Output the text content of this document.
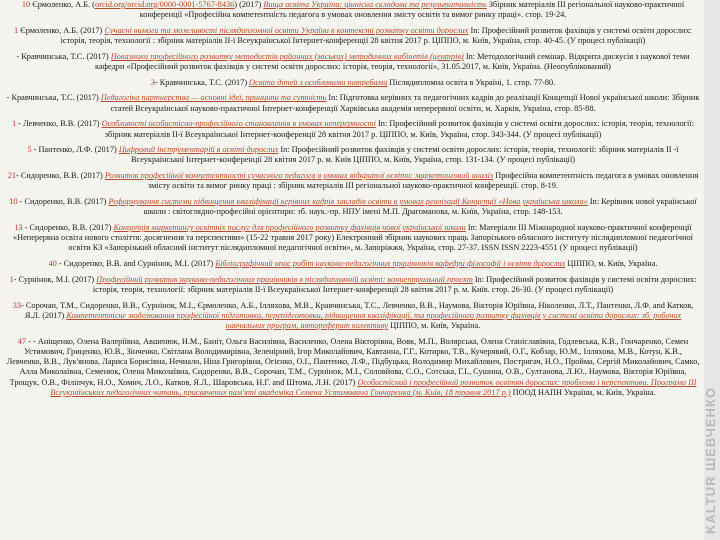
10 Єрмоленко, А.Б. (orcid.org/orcid.org/0000-0001-5767-8436) (2017) Вища освіта України: ціннісна складова та результативність Збірник матеріалів III регіональної науково-практичної конференції «Професійна компетентність педагога в умовах оновлення змісту освіти та вимог ринку праці». стор. 19-24.
1 Єрмоленко, А.Б. (2017) Сучасні вимоги та можливості післядипломної освіти України в контексті розвитку освіти дорослих In: Професійний розвиток фахівців у системі освіти дорослих: історія, теорія, технології : збірник матеріалів ІІ-ї Всеукраїнської Інтернет-конференції 28 квітня 2017 р. ЦІППО, м. Київ, Україна, стор. 40-45. (У процесі публікації)
- Кравчинська, Т.С. (2017) Показники професійного розвитку методистів районних (міських) методичних кабінетів (центрів) In: Методологічний семінар. Відкрита дискусія з наукової теми кафедри «Професійний розвиток фахівців у системі освіти дорослих: історія, теорія, технології», 31.05.2017, м. Київ, Україна. (Неопублікований)
3- Кравчинська, Т.С. (2017) Освіта дітей з особливими потребами Післядипломна освіта в Україні, 1. стор. 77-80.
- Кравчинська, Т.С. (2017) Педагогіка партнерства — основні ідеї, принципи та сутність In: Підготовка керівних та педагогічних кадрів до реалізації Концепції Нової української школи: Збірник статей Всеукраїнської науково-практичної Інтернет-конференції Харківська академія неперервної освіти, м. Харків, Україна, стор. 85-88.
1 - Левченко, В.В. (2017) Особливості особистісно-професійного становлення в умовах неперервності In: Професійний розвиток фахівців у системі освіти дорослих: історія, теорія, технології: збірник матеріалів ІІ-ї Всеукраїнської Інтернет-конференції 28 квітня 2017 р. ЦІППО, м. Київ, Україна, стор. 343-344. (У процесі публікації)
5 - Пантенко, Л.Ф. (2017) Цифровий інструментарій в освіті дорослих In: Професійний розвиток фахівців у системі освіти дорослих: історія, теорія, технології: збірник матеріалів ІІ -ї Всеукраїнської Інтернет-конференції 28 квітня 2017 р. м. Київ ЦІППО, м. Київ, Україна, стор. 131-134. (У процесі публікації)
21- Сидоренко, В.В. (2017) Розвиток професійної компетентності сучасного педагога в умовах відкритої освіти: маркетинговий аналіз Професійна компетентність педагога в умовах оновлення змісту освіти та вимог ринку праці : збірник матеріалів ІІІ регіональної науково-практичної конференції. стор. 8-19.
10 - Сидоренко, В.В. (2017) Реформування системи підвищення кваліфікації керівних кадрів закладів освіти в умовах реалізації Концепції «Нова українська школа» In: Керівник нової української школи : світоглядно-професійні орієнтири: зб. наук.-пр. НПУ імені М.П. Драгоманова, м. Київ, Україна, стор. 148-153.
13 - Сидоренко, В.В. (2017) Концепція маркетингу освітніх послуг для професійного розвитку фахівців нової української школи In: Матеріали ІІІ Міжнародної науково-практичної конференції «Неперервна освіта нового століття: досягнення та перспективи» (15-22 травня 2017 року) Електронний збірник наукових праць Запорізького обласного інституту післядипломної педагогічної освіти КЗ «Запорізький обласний інститут післядипломної педагогічної освіти», м. Запоріжжя, Україна, стор. 27-37. ISSN ISSN 2223-4551 (У процесі публікації)
40 - Сидоренко, В.В. and Сурнінок, М.І. (2017) Бібліографічний опис робіт науково-педагогічних працівників кафедри філософії і освіти дорослих ЦІППО, м. Київ, Україна.
1- Сурнінок, М.І. (2017) Професійний розвиток науково-педагогічних працівників в післядипломній освіті: концептуальний проєкт In: Професійний розвиток фахівців у системі освіти дорослих: історія, теорія, технології: збірник матеріалів ІІ-ї Всеукраїнської Інтернет-конференції 28 квітня 2017 р. м. Київ. стор. 26-30. (У процесі публікації)
33- Сорочан, Т.М., Сидоренко, В.В., Сурнінок, М.І., Єрмоленко, А.Б., Ілляхова, М.В., Кравчинська, Т.С., Левченко, В.В., Наумова, Вікторія Юріївна, Ніколенко, Л.Т., Пантенко, Л.Ф. and Катков, Я.Л. (2017) Компетентнісне моделювання професійної підготовки, перепідготовки, підвищення кваліфікації, та професійного розвитку фахівців у системі освіти дорослих: зб. робочих навчальних програм, автореферат колективу ЦІППО, м. Київ, Україна.
47 - - Аніщенко, Олена Валеріївна, Авшенюк, Н.М., Баніт, Ольга Василівна, Василенко, Олена Вікторівна, Вовк, М.П., Волярська, Олена Станіславівна, Годлевська, К.В., Гончаренко, Семен Устимович, Гриценко, Ю.В., Зінченко, Світлана Володимирівна, Зеленірний, Ігор Миколайович, Кавтанна, Г.Г., Котирко, Т.В., Кучерявий, О.Г., Кобзар, Ю.М., Ілляхова, М.В., Котун, К.В., Левченко, В.В., Лук'янова, Лариса Борисівна, Нечиало, Ніна Григорівна, Огієнко, О.І., Пантенко, Л.Ф., Підбуцька, Володимир Михайлович, Постригач, Н.О., Пройма, Сергій Миколайович, Самко, Алла Миколаївна, Семенюк, Олена Миколаївна, Сидоренко, В.В., Сорочан, Т.М., Сурнінок, М.І., Соловйова, С.О., Сотська, Г.І., Сушина, О.В., Султанова, Л.Ю., Наумова, Вікторія Юріївна, Трощук, О.В., Філіпчук, Н.О., Хомич, Л.О., Катков, Я.Л., Шаровська, Н.Г. and Штома, Л.Н. (2017) Особистісний і професійний розвиток освітян дорослих: проблеми і перспективи. Програма ІІІ Всеукраїнських педагогічних читань, присвячених пам'яті академіка Семена Устимовича Гончаренка (м. Київ, 18 травня 2017 р.) ПООД НАПН України, м. Київ, Україна.	KALTUR ШЕВЧЕНКО
